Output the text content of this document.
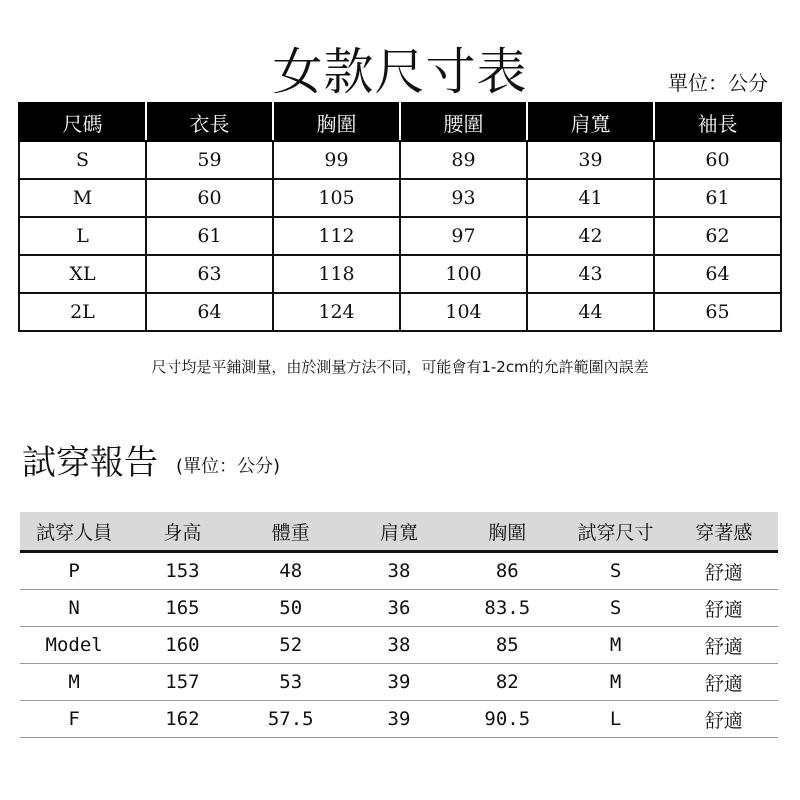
女款尺寸表	單位：公分
尺碼	衣長	胸圍	腰圍	肩寬	袖長
S	59	99	89	39	60
M	60	105	93	41	61
L	61	112	97	42	62
XL	63	118	100	43	64
2L	64	124	104	44	65
尺寸均是平鋪測量，由於測量方法不同，可能會有1-2cm的允許範圍內誤差
試穿報告 (單位：公分)
試穿人員	身高	體重	肩寬	胸圍	試穿尺寸	穿著感
P	153	48	38	86	S	舒適
N	165	50	36	83.5	S	舒適
Model	160	52	38	85	M	舒適
M	157	53	39	82	M	舒適
F	162	57.5	39	90.5	L	舒適
